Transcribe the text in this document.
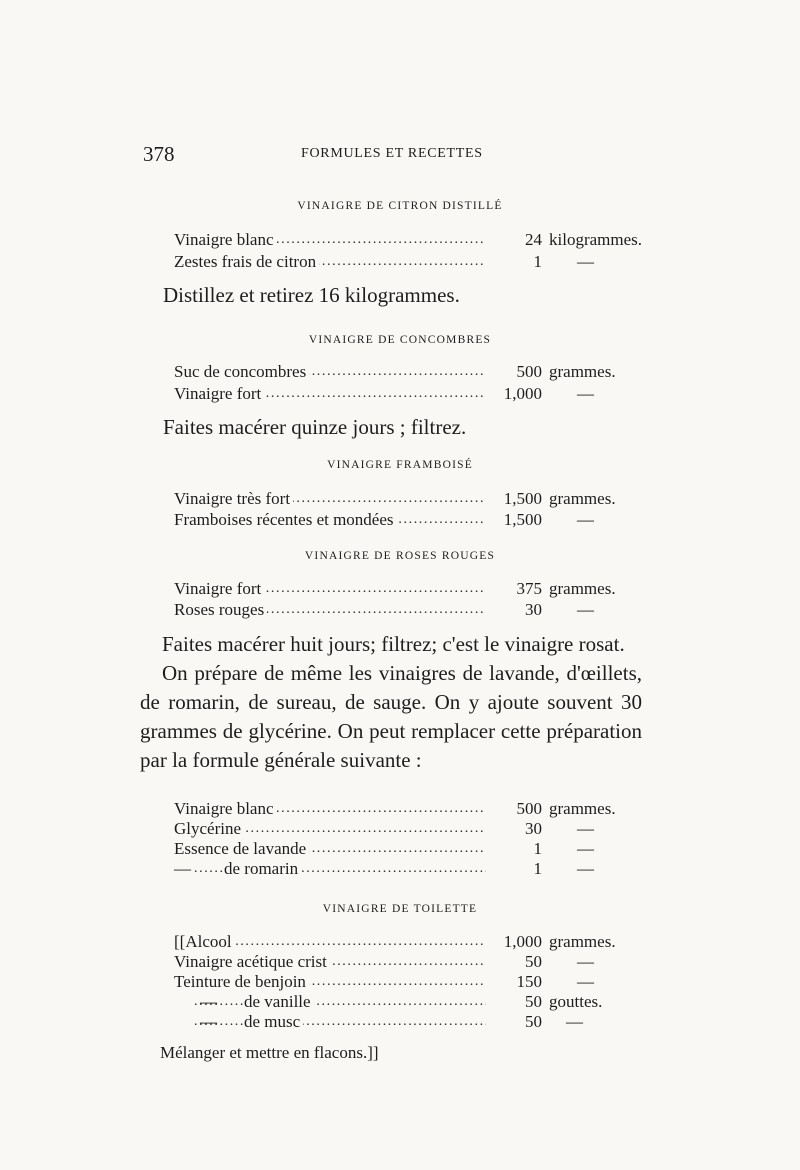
378	FORMULES ET RECETTES
VINAIGRE DE CITRON DISTILLÉ
.....
Vinaigre blanc	24 kilogrammes.
.....
Zestes frais de citron	1 —

Distillez et retirez 16 kilogrammes.

VINAIGRE DE CONCOMBRES
.....
Suc de concombres	500 grammes.
.....
Vinaigre fort	1,000 —

Faites macérer quinze jours ; filtrez.

VINAIGRE FRAMBOISÉ
.....
Vinaigre très fort	1,500 grammes.
.....
Framboises récentes et mondées	1,500 —
VINAIGRE DE ROSES ROUGES
.....
Vinaigre fort	375 grammes.
.....
Roses rouges	30 —

Faites macérer huit jours; filtrez; c'est le vinaigre rosat.

On prépare de même les vinaigres de lavande, d'œillets, de romarin, de sureau, de sauge. On y ajoute souvent 30 grammes de glycérine. On peut remplacer cette préparation par la formule générale suivante :

.....
Vinaigre blanc	500 grammes.
.....
Glycérine	30 —
.....
Essence de lavande	1 —
.....
— de romarin	1 —
VINAIGRE DE TOILETTE
.....
[[Alcool	1,000 grammes.
.....
Vinaigre acétique crist	50 —
.....
Teinture de benjoin	150 —
.....
— de vanille	50 gouttes.
.....
— de musc	50 —
Mélanger et mettre en flacons.]]
